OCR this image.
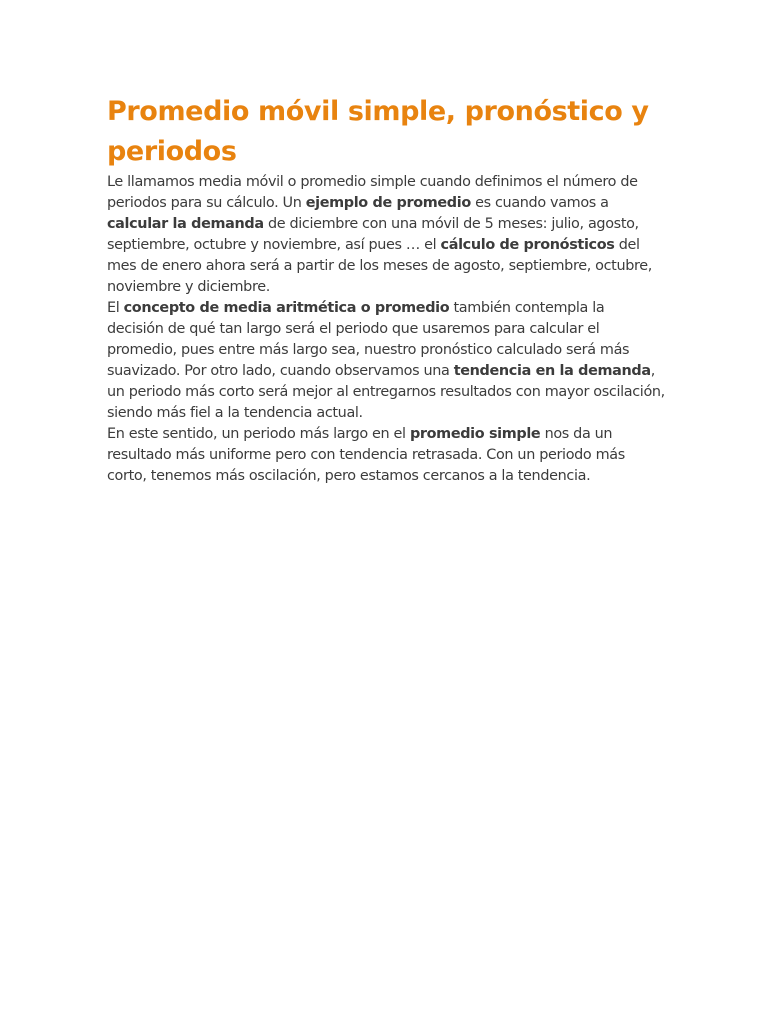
Promedio móvil simple, pronóstico y periodos

Le llamamos media móvil o promedio simple cuando definimos el número de periodos para su cálculo. Un ejemplo de promedio es cuando vamos a calcular la demanda de diciembre con una móvil de 5 meses: julio, agosto, septiembre, octubre y noviembre, así pues … el cálculo de pronósticos del mes de enero ahora será a partir de los meses de agosto, septiembre, octubre, noviembre y diciembre.

El concepto de media aritmética o promedio también contempla la decisión de qué tan largo será el periodo que usaremos para calcular el promedio, pues entre más largo sea, nuestro pronóstico calculado será más suavizado. Por otro lado, cuando observamos una tendencia en la demanda, un periodo más corto será mejor al entregarnos resultados con mayor oscilación, siendo más fiel a la tendencia actual.

En este sentido, un periodo más largo en el promedio simple nos da un resultado más uniforme pero con tendencia retrasada. Con un periodo más corto, tenemos más oscilación, pero estamos cercanos a la tendencia.
